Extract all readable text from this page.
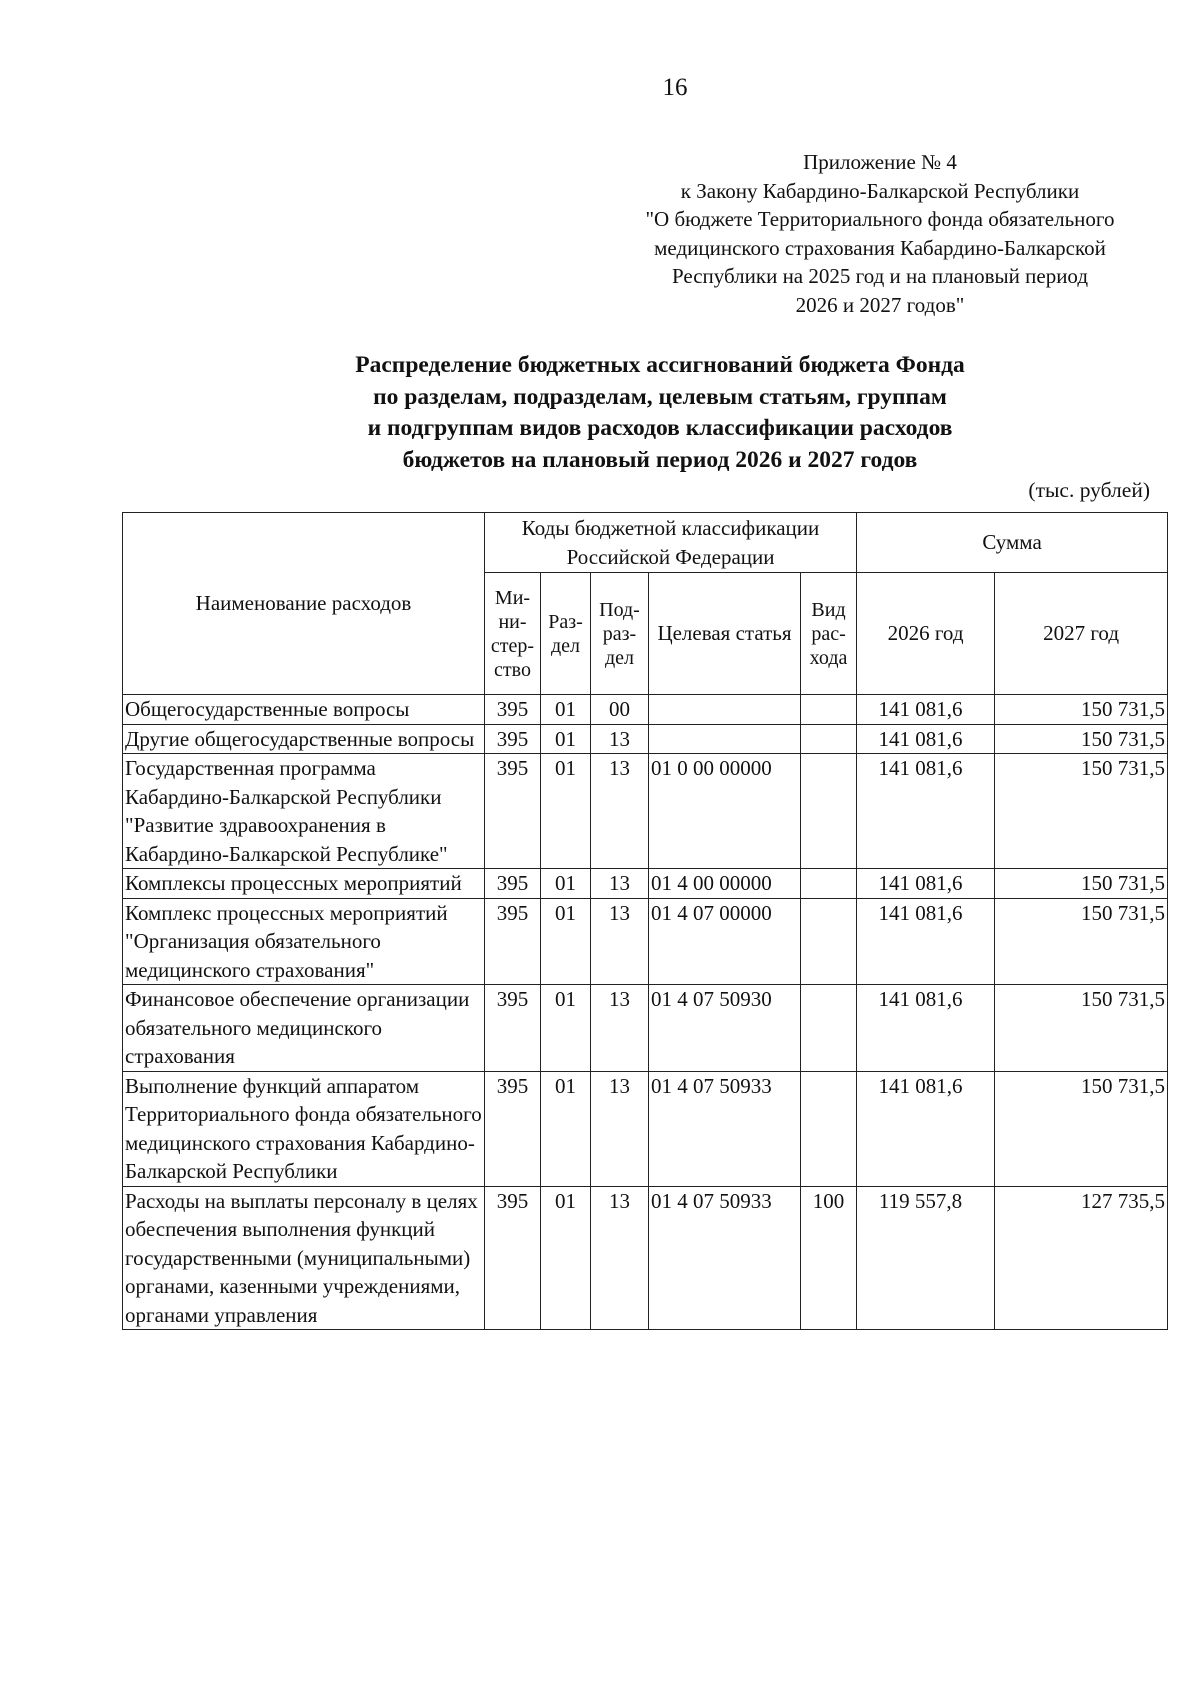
16
Приложение № 4
к Закону Кабардино-Балкарской Республики
"О бюджете Территориального фонда обязательного
медицинского страхования Кабардино-Балкарской
Республики на 2025 год и на плановый период
2026 и 2027 годов"
Распределение бюджетных ассигнований бюджета Фонда
по разделам, подразделам, целевым статьям, группам
и подгруппам видов расходов классификации расходов
бюджетов на плановый период 2026 и 2027 годов
(тыс. рублей)
Наименование расходов	Коды бюджетной классификации Российской Федерации					Сумма	
	Ми-ни-стер-ство	Раз-дел	Под-раз-дел	Целевая статья	Вид рас-хода	2026 год	2027 год
Общегосударственные вопросы	395	01	00			141 081,6	150 731,5
Другие общегосударственные вопросы	395	01	13			141 081,6	150 731,5
Государственная программа Кабардино-Балкарской Республики "Развитие здравоохранения в Кабардино-Балкарской Республике"	395	01	13	01 0 00 00000		141 081,6	150 731,5
Комплексы процессных мероприятий	395	01	13	01 4 00 00000		141 081,6	150 731,5
Комплекс процессных мероприятий "Организация обязательного медицинского страхования"	395	01	13	01 4 07 00000		141 081,6	150 731,5
Финансовое обеспечение организации обязательного медицинского страхования	395	01	13	01 4 07 50930		141 081,6	150 731,5
Выполнение функций аппаратом Территориального фонда обязательного медицинского страхования Кабардино-Балкарской Республики	395	01	13	01 4 07 50933		141 081,6	150 731,5
Расходы на выплаты персоналу в целях обеспечения выполнения функций государственными (муниципальными) органами, казенными учреждениями, органами управления	395	01	13	01 4 07 50933	100	119 557,8	127 735,5
